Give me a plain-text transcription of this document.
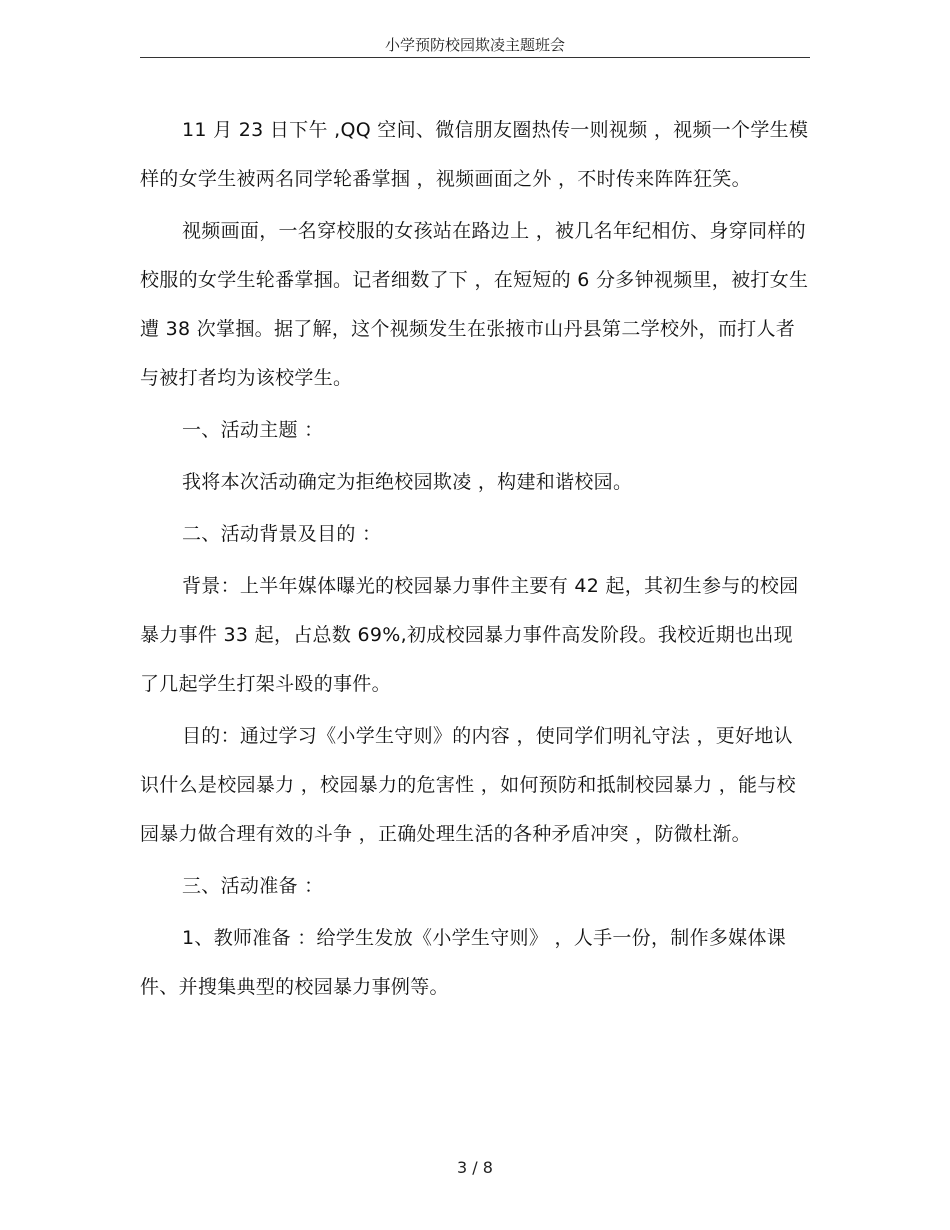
小学预防校园欺凌主题班会

11 月 23 日下午 ,QQ 空间、微信朋友圈热传一则视频 ，视频一个学生模样的女学生被两名同学轮番掌掴 ，视频画面之外 ，不时传来阵阵狂笑。

视频画面，一名穿校服的女孩站在路边上 ，被几名年纪相仿、身穿同样的校服的女学生轮番掌掴。记者细数了下 ，在短短的 6 分多钟视频里，被打女生遭 38 次掌掴。据了解，这个视频发生在张掖市山丹县第二学校外，而打人者与被打者均为该校学生。

一、活动主题 ：

我将本次活动确定为拒绝校园欺凌 ，构建和谐校园。

二、活动背景及目的 ：

背景：上半年媒体曝光的校园暴力事件主要有 42 起，其初生参与的校园暴力事件 33 起，占总数 69%,初成校园暴力事件高发阶段。我校近期也出现了几起学生打架斗殴的事件。

目的：通过学习《小学生守则》的内容 ，使同学们明礼守法 ，更好地认识什么是校园暴力 ，校园暴力的危害性 ，如何预防和抵制校园暴力 ，能与校园暴力做合理有效的斗争 ，正确处理生活的各种矛盾冲突 ，防微杜渐。

三、活动准备 ：

1、教师准备 ：给学生发放《小学生守则》 ，人手一份，制作多媒体课件、并搜集典型的校园暴力事例等。

3 / 8
